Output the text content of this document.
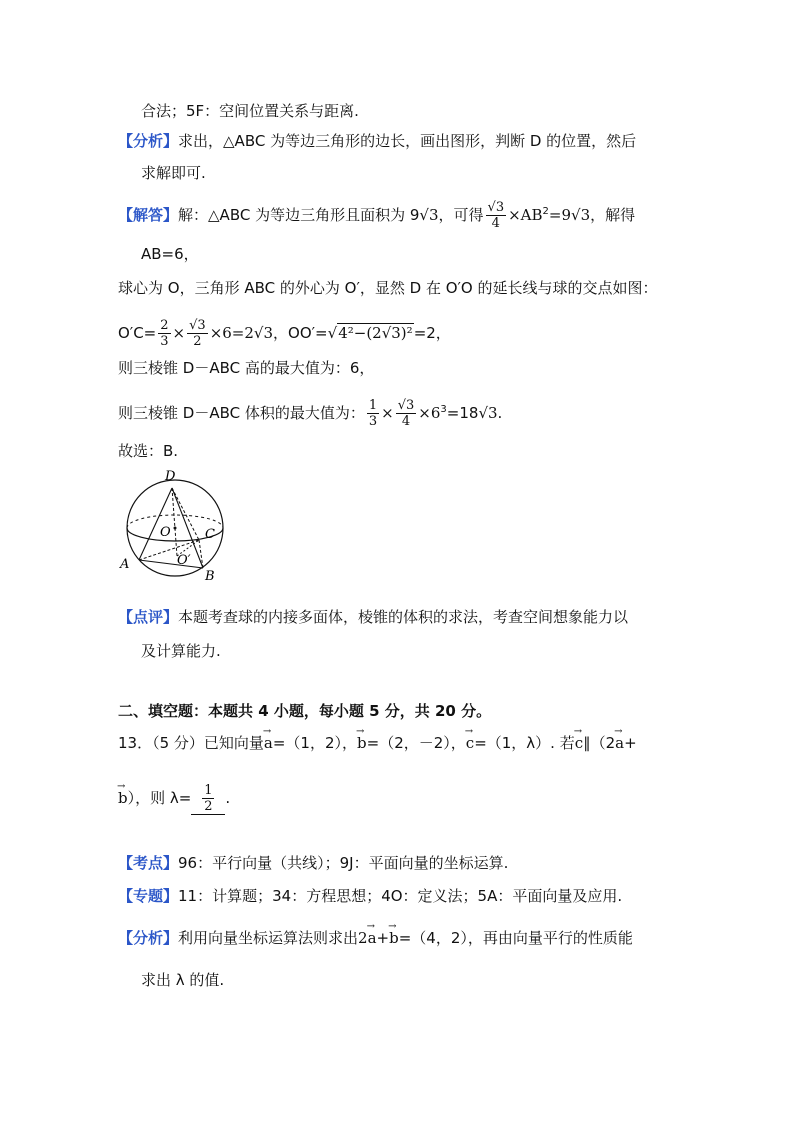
合法；5F：空间位置关系与距离.
【分析】求出，△ABC 为等边三角形的边长，画出图形，判断 D 的位置，然后
求解即可.
【解答】解：△ABC 为等边三角形且面积为 9√3，可得 $\frac{√3}{4} \times AB^2=9√3$，解得
AB=6，
球心为 O，三角形 ABC 的外心为 O′，显然 D 在 O′O 的延长线与球的交点如图：
$O'C= \frac{2}{3} \times \frac{√3}{2} \times 6=2√3$，OO′=√4²−(2√3)²=2，
则三棱锥 D－ABC 高的最大值为：6，
则三棱锥 D－ABC 体积的最大值为： $\frac{1}{3} \times \frac{√3}{4} \times 6^3=18√3$.
故选：B.
D
O	C
O′
A
B
【点评】本题考查球的内接多面体，棱锥的体积的求法，考查空间想象能力以
及计算能力.
二、填空题：本题共 4 小题，每小题 5 分，共 20 分。
13．（5 分）已知向量→ a=（1，2），→ b=（2，－2），→ c=（1，λ）. 若→ c∥（2→ a+
→ b），则 $\lambda= \frac{1}{2}$ .
【考点】96：平行向量（共线）；9J：平面向量的坐标运算.
【专题】11：计算题；34：方程思想；4O：定义法；5A：平面向量及应用.
【分析】利用向量坐标运算法则求出2→ a+→ b=（4，2），再由向量平行的性质能
求出 λ 的值.
